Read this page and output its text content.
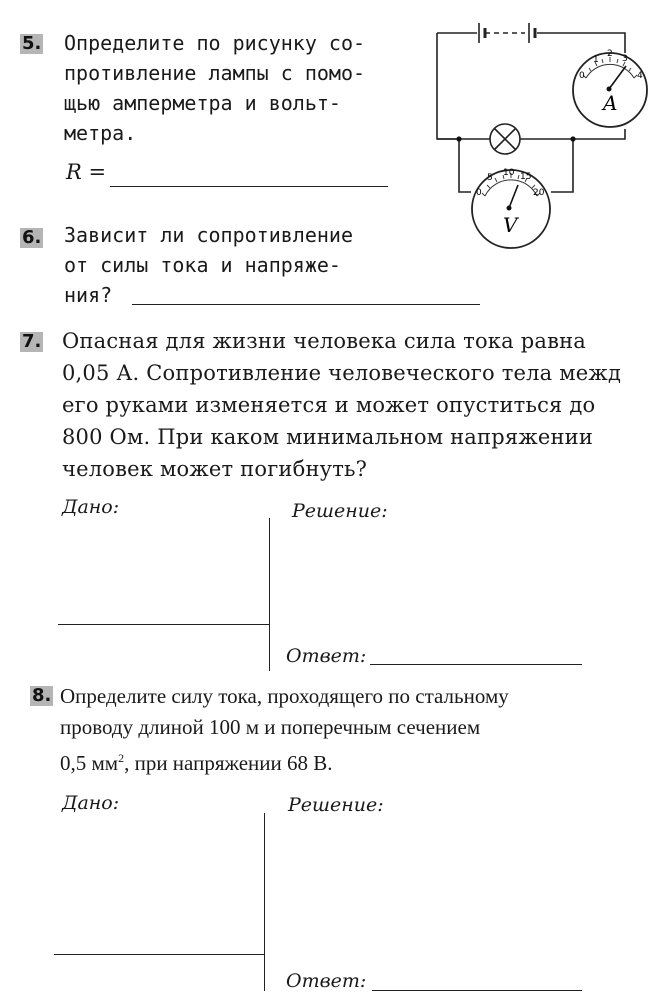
5. Определите по рисунку со-
противление лампы с помо-
щью амперметра и вольт-
метра.
R =
0
1
2 3
4
A
0
5 10 15
20
V
6. Зависит ли сопротивление
от силы тока и напряже-
ния?
7. Опасная для жизни человека сила тока равна
0,05 А. Сопротивление человеческого тела межд
его руками изменяется и может опуститься до
800 Ом. При каком минимальном напряжении
человек может погибнуть?
Дано:	Решение:
Ответ:
8. Определите силу тока, проходящего по стальному
проводу длиной 100 м и поперечным сечением
0,5 $мм^2$, при напряжении 68 В.
Дано:	Решение:
Ответ:
